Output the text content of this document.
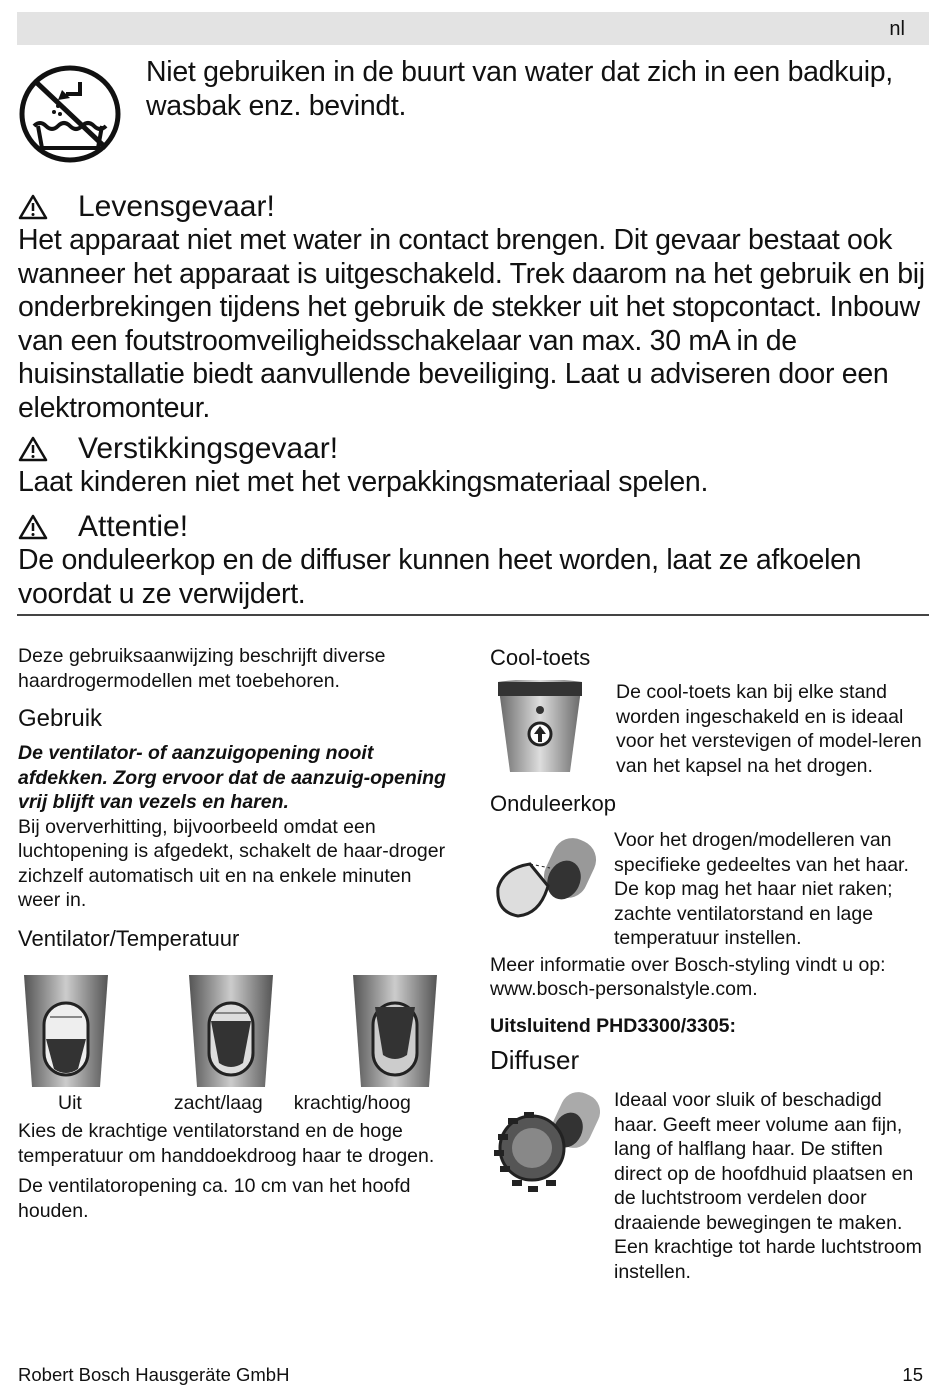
nl
Niet gebruiken in de buurt van water dat zich in een badkuip, wasbak enz. bevindt.
Levensgevaar!
Het apparaat niet met water in contact brengen. Dit gevaar bestaat ook wanneer het apparaat is uitgeschakeld. Trek daarom na het gebruik en bij onderbrekingen tijdens het gebruik de stekker uit het stopcontact. Inbouw van een foutstroomveiligheidsschakelaar van max. 30 mA in de huisinstallatie biedt aanvullende beveiliging. Laat u adviseren door een elektromonteur.
Verstikkingsgevaar!
Laat kinderen niet met het verpakkingsmateriaal spelen.
Attentie!
De onduleerkop en de diffuser kunnen heet worden, laat ze afkoelen voordat u ze verwijdert.
Deze gebruiksaanwijzing beschrijft diverse haardrogermodellen met toebehoren.
Gebruik
De ventilator- of aanzuigopening nooit afdekken. Zorg ervoor dat de aanzuig-opening vrij blijft van vezels en haren.
Bij oververhitting, bijvoorbeeld omdat een luchtopening is afgedekt, schakelt de haar-droger zichzelf automatisch uit en na enkele minuten weer in.
Ventilator/Temperatuur
Uit	zacht/laag krachtig/hoog
Kies de krachtige ventilatorstand en de hoge temperatuur om handdoekdroog haar te drogen.
De ventilatoropening ca. 10 cm van het hoofd houden.
Cool-toets
De cool-toets kan bij elke stand worden ingeschakeld en is ideaal voor het verstevigen of model-leren van het kapsel na het drogen.
Onduleerkop
Voor het drogen/modelleren van specifieke gedeeltes van het haar. De kop mag het haar niet raken; zachte ventilatorstand en lage temperatuur instellen.
Meer informatie over Bosch-styling vindt u op: www.bosch-personalstyle.com.
Uitsluitend PHD3300/3305:
Diffuser
Ideaal voor sluik of beschadigd haar. Geeft meer volume aan fijn, lang of halflang haar. De stiften direct op de hoofdhuid plaatsen en de luchtstroom verdelen door draaiende bewegingen te maken. Een krachtige tot harde luchtstroom instellen.
Robert Bosch Hausgeräte GmbH	15
